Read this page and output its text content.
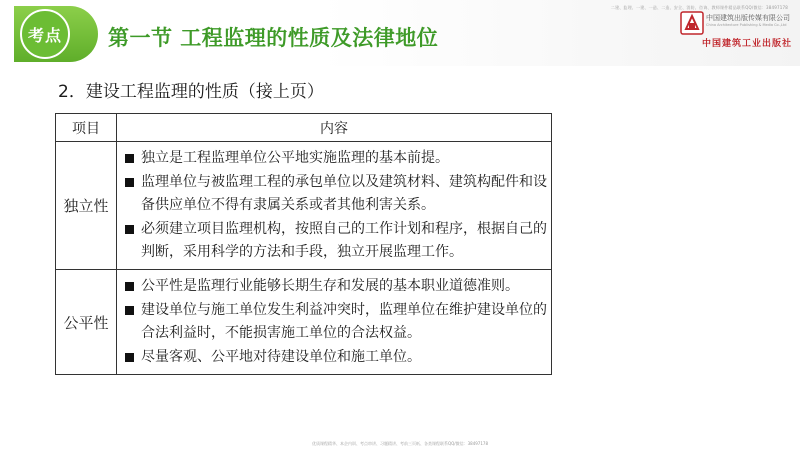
二建、监理、一建、一造、二造、安全、消防、咨询、教师课件精品联系QQ/微信：38497178
考点 第一节 工程监理的性质及法律地位
中国建筑出版传媒有限公司
China Architecture Publishing & Media Co.,Ltd
中国建筑工业出版社
2．建设工程监理的性质（接上页）
项目	内容
独立性	独立是工程监理单位公平地实施监理的基本前提。
监理单位与被监理工程的承包单位以及建筑材料、建筑构配件和设备供应单位不得有隶属关系或者其他利害关系。
必须建立项目监理机构，按照自己的工作计划和程序，根据自己的判断，采用科学的方法和手段，独立开展监理工作。

公平性	公平性是监理行业能够长期生存和发展的基本职业道德准则。
建设单位与施工单位发生利益冲突时，监理单位在维护建设单位的合法利益时，不能损害施工单位的合法权益。
尽量客观、公平地对待建设单位和施工单位。
优质课程精华、本企内训、考点串讲、习题精讲、考前三页纸、各类课程联系QQ/微信：38497178
